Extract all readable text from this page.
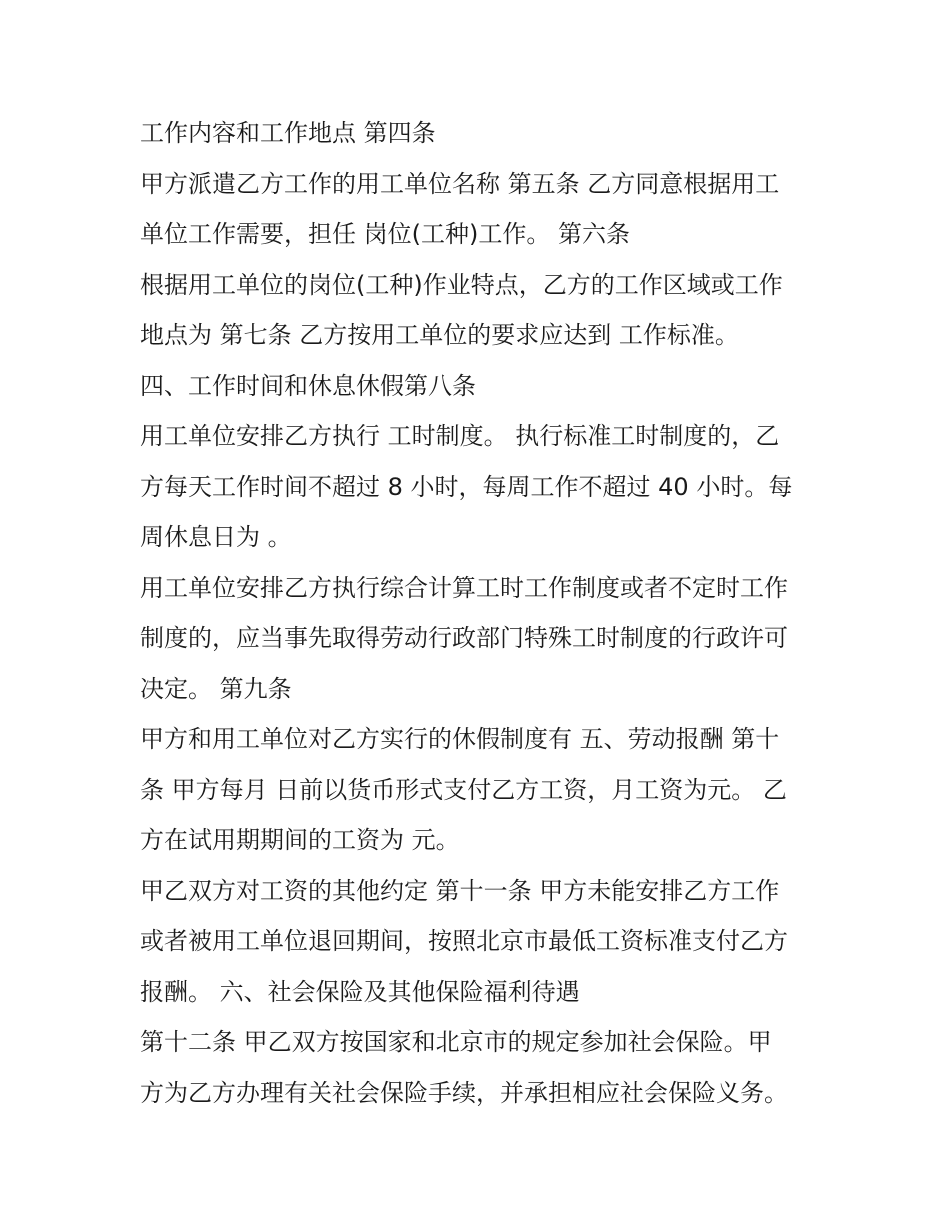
工作内容和工作地点 第四条
甲方派遣乙方工作的用工单位名称 第五条 乙方同意根据用工
单位工作需要，担任 岗位(工种)工作。 第六条
根据用工单位的岗位(工种)作业特点，乙方的工作区域或工作
地点为 第七条 乙方按用工单位的要求应达到 工作标准。
四、工作时间和休息休假第八条
用工单位安排乙方执行 工时制度。 执行标准工时制度的，乙
方每天工作时间不超过 8 小时，每周工作不超过 40 小时。每
周休息日为 。
用工单位安排乙方执行综合计算工时工作制度或者不定时工作
制度的，应当事先取得劳动行政部门特殊工时制度的行政许可
决定。 第九条
甲方和用工单位对乙方实行的休假制度有 五、劳动报酬 第十
条 甲方每月 日前以货币形式支付乙方工资，月工资为元。 乙
方在试用期期间的工资为 元。
甲乙双方对工资的其他约定 第十一条 甲方未能安排乙方工作
或者被用工单位退回期间，按照北京市最低工资标准支付乙方
报酬。 六、社会保险及其他保险福利待遇
第十二条 甲乙双方按国家和北京市的规定参加社会保险。甲
方为乙方办理有关社会保险手续，并承担相应社会保险义务。
